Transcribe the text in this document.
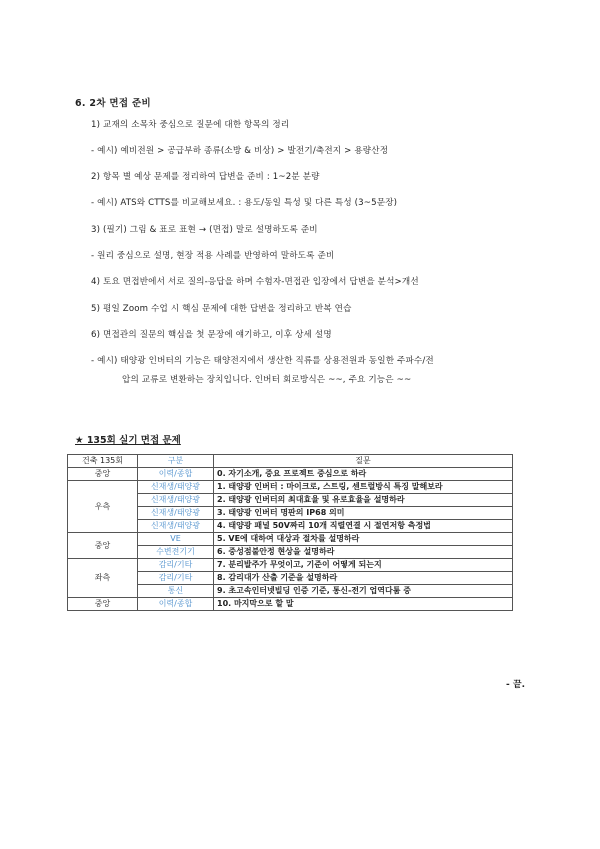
6. 2차 면접 준비
1) 교재의 소목차 중심으로 질문에 대한 항목의 정리
- 예시) 예비전원 > 공급부하 종류(소방 & 비상) > 발전기/축전지 > 용량산정
2) 항목 별 예상 문제를 정리하여 답변을 준비 : 1~2분 분량
- 예시) ATS와 CTTS를 비교해보세요. : 용도/동일 특성 및 다른 특성 (3~5문장)
3) (필기) 그림 & 표로 표현 → (면접) 말로 설명하도록 준비
- 원리 중심으로 설명, 현장 적용 사례를 반영하여 말하도록 준비
4) 토요 면접반에서 서로 질의-응답을 하며 수험자-면접관 입장에서 답변을 분석>개선
5) 평일 Zoom 수업 시 핵심 문제에 대한 답변을 정리하고 반복 연습
6) 면접관의 질문의 핵심을 첫 문장에 얘기하고, 이후 상세 설명
- 예시) 태양광 인버터의 기능은 태양전지에서 생산한 직류를 상용전원과 동일한 주파수/전
압의 교류로 변환하는 장치입니다. 인버터 회로방식은 ~~, 주요 기능은 ~~
★ 135회 실기 면접 문제
건축 135회	구분	질문
중앙	이력/종합	0. 자기소개, 중요 프로젝트 중심으로 하라
우측	신재생/태양광	1. 태양광 인버터 : 마이크로, 스트링, 센트럴방식 특징 말해보라
	신재생/태양광	2. 태양광 인버터의 최대효율 및 유로효율을 설명하라
	신재생/태양광	3. 태양광 인버터 명판의 IP68 의미
	신재생/태양광	4. 태양광 패널 50V짜리 10개 직렬연결 시 절연저항 측정법
중앙	VE	5. VE에 대하여 대상과 절차를 설명하라
	수변전기기	6. 중성점불안정 현상을 설명하라
좌측	감리/기타	7. 분리발주가 무엇이고, 기준이 어떻게 되는지
	감리/기타	8. 감리대가 산출 기준을 설명하라
	통신	9. 초고속인터넷빌딩 인증 기준, 통신-전기 업역다툼 중
중앙	이력/종합	10. 마지막으로 할 말
- 끝.
